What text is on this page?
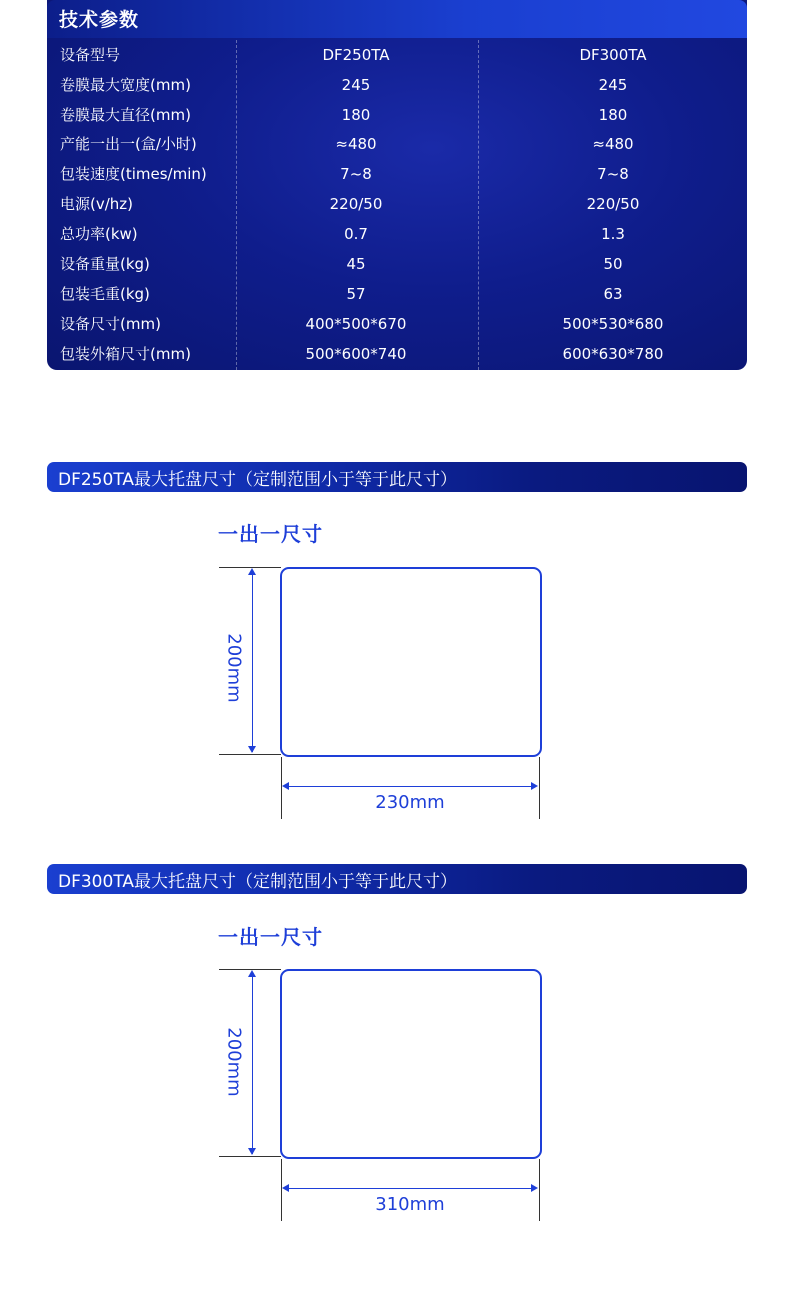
技术参数
设备型号	DF250TA	DF300TA
卷膜最大宽度(mm)	245	245
卷膜最大直径(mm)	180	180
产能一出一(盒/小时)	≈480	≈480
包装速度(times/min)	7~8	7~8
电源(v/hz)	220/50	220/50
总功率(kw)	0.7	1.3
设备重量(kg)	45	50
包装毛重(kg)	57	63
设备尺寸(mm)	400*500*670	500*530*680
包装外箱尺寸(mm)	500*600*740	600*630*780
DF250TA最大托盘尺寸（定制范围小于等于此尺寸）
一出一尺寸
200mm
230mm
DF300TA最大托盘尺寸（定制范围小于等于此尺寸）
一出一尺寸
200mm
310mm
